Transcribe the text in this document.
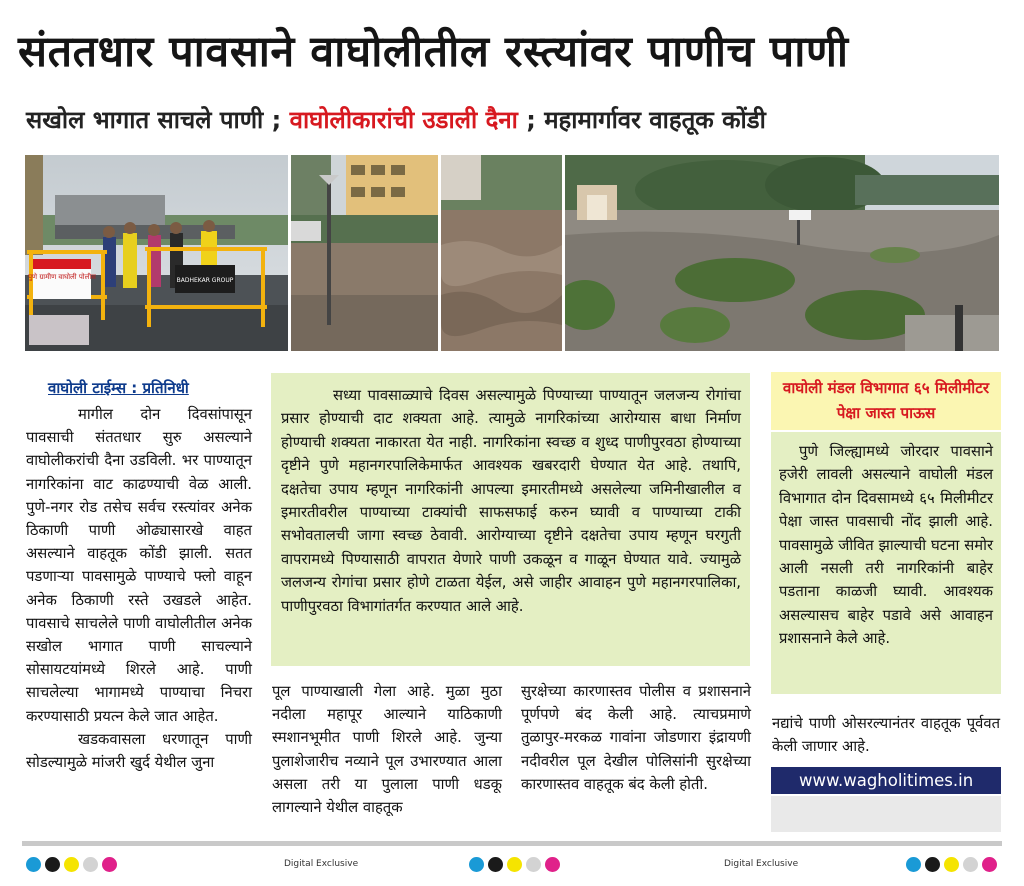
संततधार पावसाने वाघोलीतील रस्त्यांवर पाणीच पाणी
सखोल भागात साचले पाणी ; वाघोलीकारांची उडाली दैना ; महामार्गावर वाहतूक कोंडी
पुणे ग्रामीण वाघोली पोलीस	BADHEKAR GROUP
वाघोली टाईम्स : प्रतिनिधी

मागील दोन दिवसांपासून पावसाची संततधार सुरु असल्याने वाघोलीकरांची दैना उडविली. भर पाण्यातून नागरिकांना वाट काढण्याची वेळ आली. पुणे-नगर रोड तसेच सर्वच रस्त्यांवर अनेक ठिकाणी पाणी ओढ्यासारखे वाहत असल्याने वाहतूक कोंडी झाली. सतत पडणाऱ्या पावसामुळे पाण्याचे फ्लो वाहून अनेक ठिकाणी रस्ते उखडले आहेत. पावसाचे साचलेले पाणी वाघोलीतील अनेक सखोल भागात पाणी साचल्याने सोसायटयांमध्ये शिरले आहे. पाणी साचलेल्या भागामध्ये पाण्याचा निचरा करण्यासाठी प्रयत्न केले जात आहेत.

खडकवासला धरणातून पाणी सोडल्यामुळे मांजरी खुर्द येथील जुना

सध्या पावसाळ्याचे दिवस असल्यामुळे पिण्याच्या पाण्यातून जलजन्य रोगांचा प्रसार होण्याची दाट शक्यता आहे. त्यामुळे नागरिकांच्या आरोग्यास बाधा निर्माण होण्याची शक्यता नाकारता येत नाही. नागरिकांना स्वच्छ व शुध्द पाणीपुरवठा होण्याच्या दृष्टीने पुणे महानगरपालिकेमार्फत आवश्यक खबरदारी घेण्यात येत आहे. तथापि, दक्षतेचा उपाय म्हणून नागरिकांनी आपल्या इमारतीमध्ये असलेल्या जमिनीखालील व इमारतीवरील पाण्याच्या टाक्यांची साफसफाई करुन घ्यावी व पाण्याच्या टाकी सभोवतालची जागा स्वच्छ ठेवावी. आरोग्याच्या दृष्टीने दक्षतेचा उपाय म्हणून घरगुती वापरामध्ये पिण्यासाठी वापरात येणारे पाणी उकळून व गाळून घेण्यात यावे. ज्यामुळे जलजन्य रोगांचा प्रसार होणे टाळता येईल, असे जाहीर आवाहन पुणे महानगरपालिका, पाणीपुरवठा विभागांतर्गत करण्यात आले आहे.

पूल पाण्याखाली गेला आहे. मुळा मुठा नदीला महापूर आल्याने याठिकाणी स्मशानभूमीत पाणी शिरले आहे. जुन्या पुलाशेजारीच नव्याने पूल उभारण्यात आला असला तरी या पुलाला पाणी धडकू लागल्याने येथील वाहतूक

सुरक्षेच्या कारणास्तव पोलीस व प्रशासनाने पूर्णपणे बंद केली आहे. त्याचप्रमाणे तुळापुर-मरकळ गावांना जोडणारा इंद्रायणी नदीवरील पूल देखील पोलिसांनी सुरक्षेच्या कारणास्तव वाहतूक बंद केली होती.

वाघोली मंडल विभागात ६५ मिलीमीटर पेक्षा जास्त पाऊस

पुणे जिल्ह्यामध्ये जोरदार पावसाने हजेरी लावली असल्याने वाघोली मंडल विभागात दोन दिवसामध्ये ६५ मिलीमीटर पेक्षा जास्त पावसाची नोंद झाली आहे. पावसामुळे जीवित झाल्याची घटना समोर आली नसली तरी नागरिकांनी बाहेर पडताना काळजी घ्यावी. आवश्यक असल्यासच बाहेर पडावे असे आवाहन प्रशासनाने केले आहे.

नद्यांचे पाणी ओसरल्यानंतर वाहतूक पूर्ववत केली जाणार आहे.

www.wagholitimes.in
Digital Exclusive	Digital Exclusive
